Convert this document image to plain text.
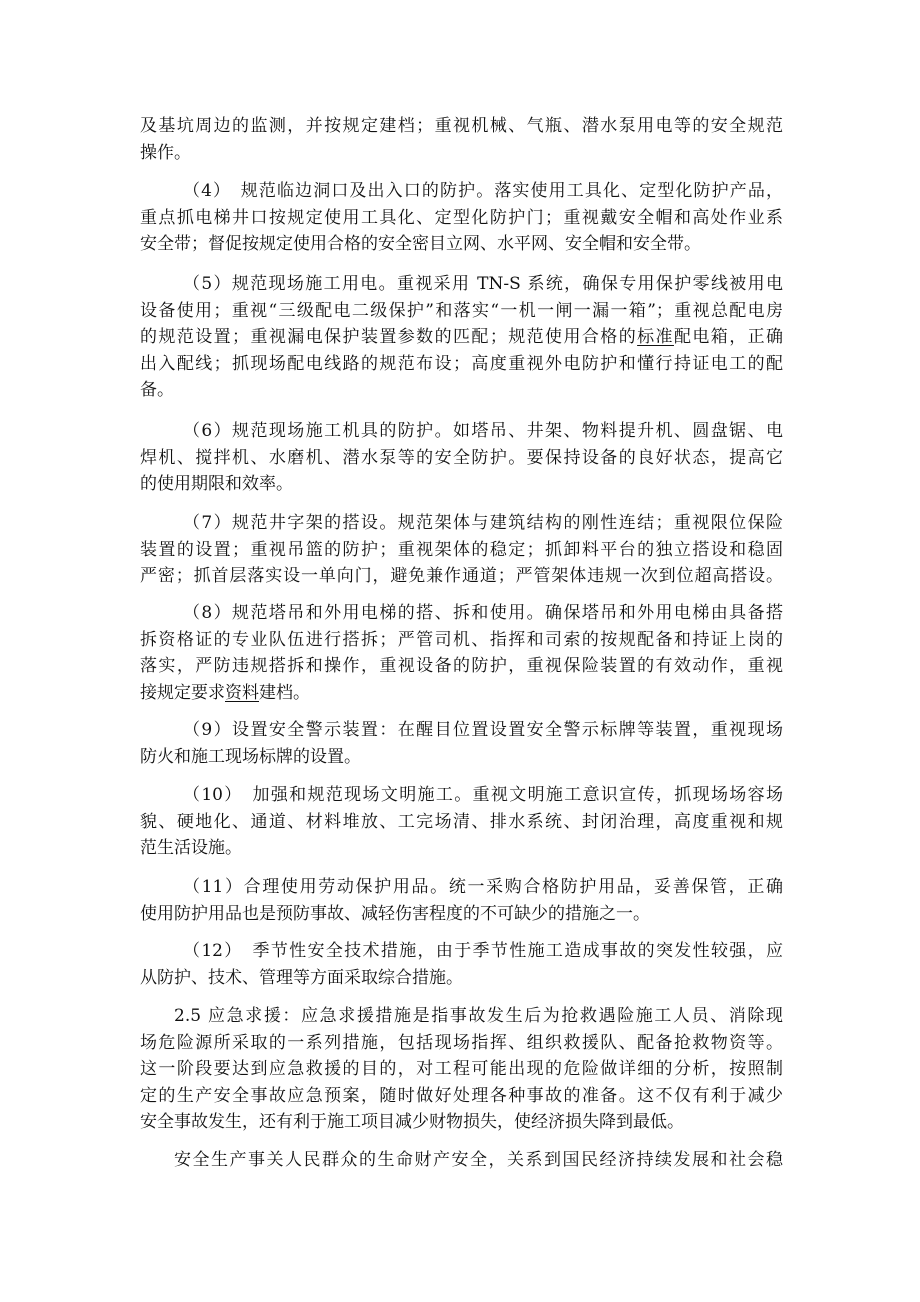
及基坑周边的监测，并按规定建档；重视机械、气瓶、潜水泵用电等的安全规范
操作。

（4）　规范临边洞口及出入口的防护。落实使用工具化、定型化防护产品，
重点抓电梯井口按规定使用工具化、定型化防护门；重视戴安全帽和高处作业系
安全带；督促按规定使用合格的安全密目立网、水平网、安全帽和安全带。

（5）规范现场施工用电。重视采用 TN-S 系统，确保专用保护零线被用电
设备使用；重视“三级配电二级保护”和落实“一机一闸一漏一箱”；重视总配电房
的规范设置；重视漏电保护装置参数的匹配；规范使用合格的标准配电箱，正确
出入配线；抓现场配电线路的规范布设；高度重视外电防护和懂行持证电工的配
备。

（6）规范现场施工机具的防护。如塔吊、井架、物料提升机、圆盘锯、电
焊机、搅拌机、水磨机、潜水泵等的安全防护。要保持设备的良好状态，提高它
的使用期限和效率。

（7）规范井字架的搭设。规范架体与建筑结构的刚性连结；重视限位保险
装置的设置；重视吊篮的防护；重视架体的稳定；抓卸料平台的独立搭设和稳固
严密；抓首层落实设一单向门，避免兼作通道；严管架体违规一次到位超高搭设。

（8）规范塔吊和外用电梯的搭、拆和使用。确保塔吊和外用电梯由具备搭
拆资格证的专业队伍进行搭拆；严管司机、指挥和司索的按规配备和持证上岗的
落实，严防违规搭拆和操作，重视设备的防护，重视保险装置的有效动作，重视
接规定要求资料建档。

（9）设置安全警示装置：在醒目位置设置安全警示标牌等装置，重视现场
防火和施工现场标牌的设置。

（10）　加强和规范现场文明施工。重视文明施工意识宣传，抓现场场容场
貌、硬地化、通道、材料堆放、工完场清、排水系统、封闭治理，高度重视和规
范生活设施。

（11）合理使用劳动保护用品。统一采购合格防护用品，妥善保管，正确
使用防护用品也是预防事故、减轻伤害程度的不可缺少的措施之一。

（12）　季节性安全技术措施，由于季节性施工造成事故的突发性较强，应
从防护、技术、管理等方面采取综合措施。

2.5 应急求援：应急求援措施是指事故发生后为抢救遇险施工人员、消除现
场危险源所采取的一系列措施，包括现场指挥、组织救援队、配备抢救物资等。
这一阶段要达到应急救援的目的，对工程可能出现的危险做详细的分析，按照制
定的生产安全事故应急预案，随时做好处理各种事故的准备。这不仅有利于减少
安全事故发生，还有利于施工项目减少财物损失，使经济损失降到最低。

安全生产事关人民群众的生命财产安全，关系到国民经济持续发展和社会稳
